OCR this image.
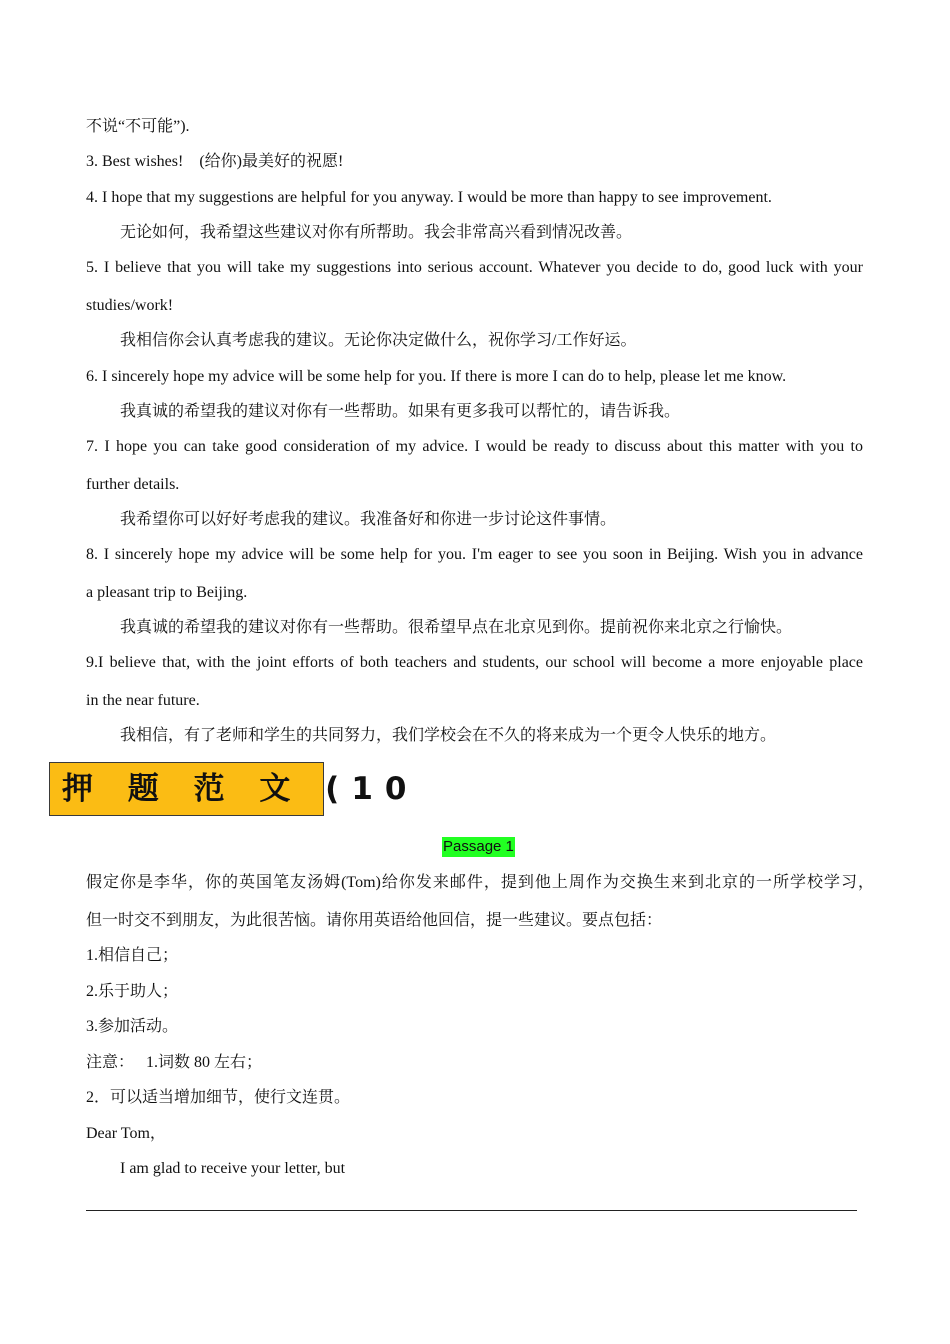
不说“不可能”).
3. Best wishes!    (给你)最美好的祝愿!
4. I hope that my suggestions are helpful for you anyway. I would be more than happy to see improvement.
无论如何，我希望这些建议对你有所帮助。我会非常高兴看到情况改善。
5. I believe that you will take my suggestions into serious account. Whatever you decide to do, good luck with your
studies/work!
我相信你会认真考虑我的建议。无论你决定做什么，祝你学习/工作好运。
6. I sincerely hope my advice will be some help for you. If there is more I can do to help, please let me know.
我真诚的希望我的建议对你有一些帮助。如果有更多我可以帮忙的，请告诉我。
7. I hope you can take good consideration of my advice. I would be ready to discuss about this matter with you to
further details.
我希望你可以好好考虑我的建议。我准备好和你进一步讨论这件事情。
8. I sincerely hope my advice will be some help for you. I'm eager to see you soon in Beijing. Wish you in advance
a pleasant trip to Beijing.
我真诚的希望我的建议对你有一些帮助。很希望早点在北京见到你。提前祝你来北京之行愉快。
9.I believe that, with the joint efforts of both teachers and students, our school will become a more enjoyable place
in the near future.
我相信，有了老师和学生的共同努力，我们学校会在不久的将来成为一个更令人快乐的地方。
押 题 范 文 (10
Passage 1
假定你是李华，你的英国笔友汤姆(Tom)给你发来邮件，提到他上周作为交换生来到北京的一所学校学习，
但一时交不到朋友，为此很苦恼。请你用英语给他回信，提一些建议。要点包括：
1.相信自己；
2.乐于助人；
3.参加活动。
注意：   1.词数 80 左右；
2．可以适当增加细节，使行文连贯。
Dear Tom，
I am glad to receive your letter, but
